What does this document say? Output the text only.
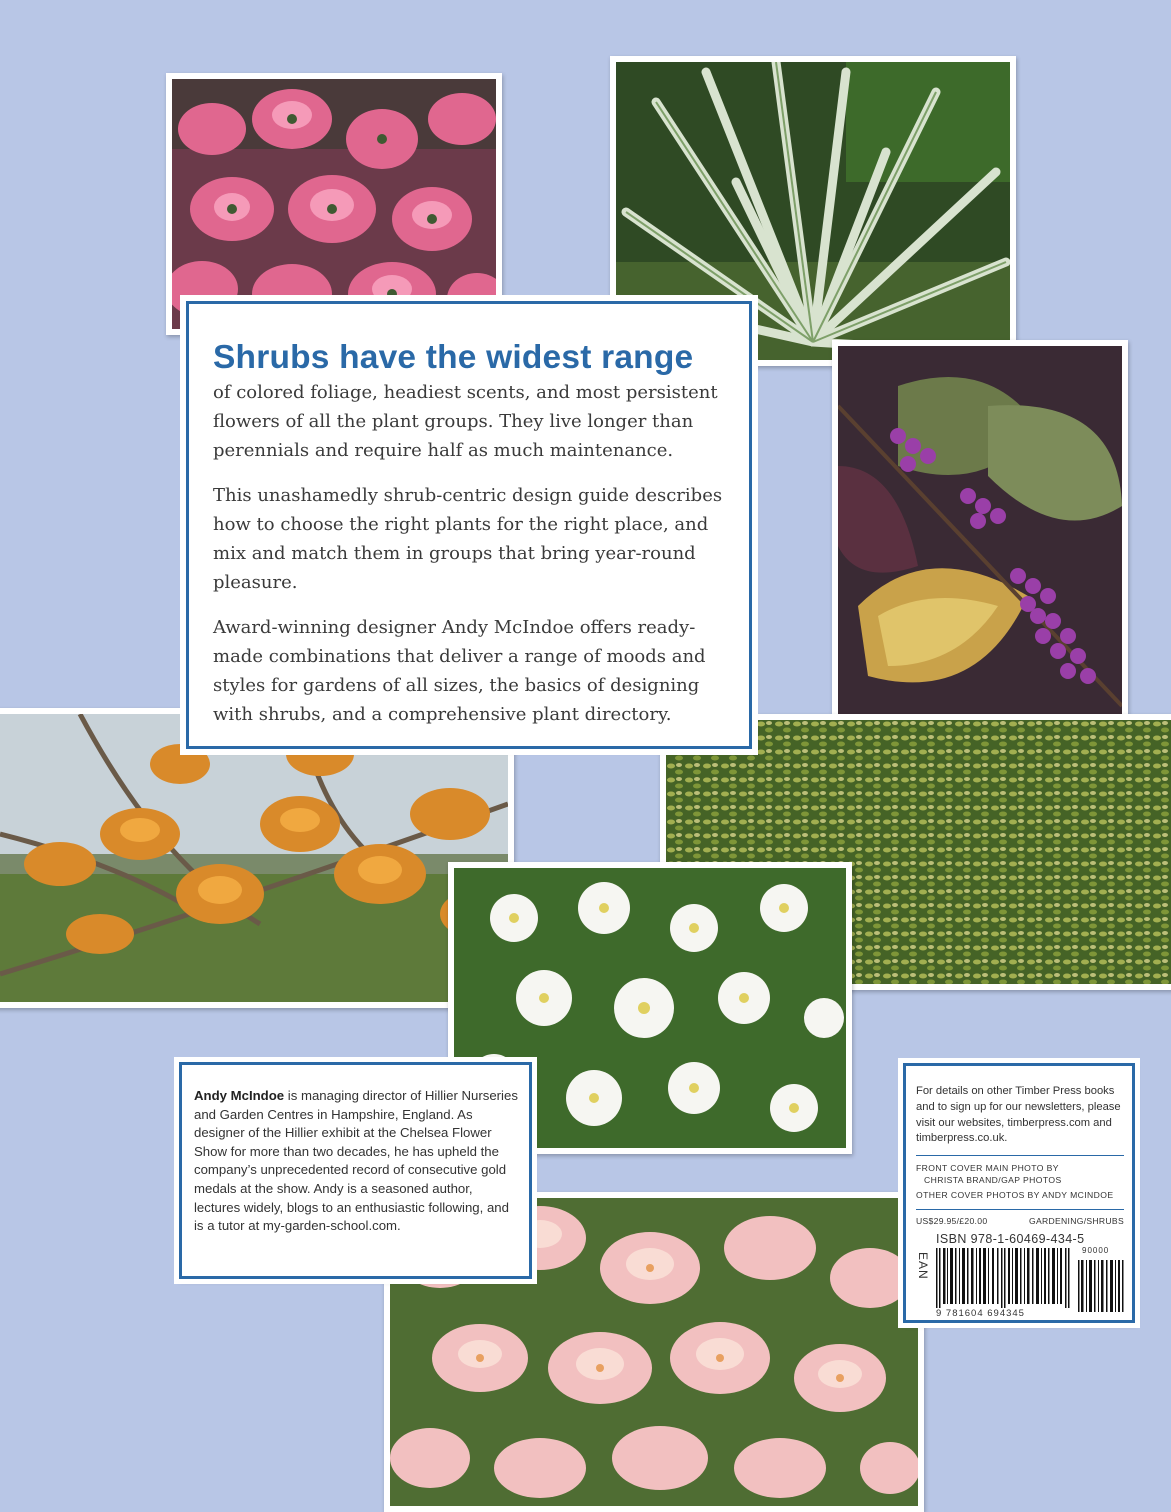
Shrubs have the widest range

of colored foliage, headiest scents, and most persistent flowers of all the plant groups. They live longer than perennials and require half as much maintenance.

This unashamedly shrub-centric design guide describes how to choose the right plants for the right place, and mix and match them in groups that bring year-round pleasure.

Award-winning designer Andy McIndoe offers ready-made combinations that deliver a range of moods and styles for gardens of all sizes, the basics of designing with shrubs, and a comprehensive plant directory.

Andy McIndoe is managing director of Hillier Nurseries and Garden Centres in Hampshire, England. As designer of the Hillier exhibit at the Chelsea Flower Show for more than two decades, he has upheld the company’s unprecedented record of consecutive gold medals at the show. Andy is a seasoned author, lectures widely, blogs to an enthusiastic following, and is a tutor at my-garden-school.com.

For details on other Timber Press books and to sign up for our newsletters, please visit our websites, timberpress.com and timberpress.co.uk.

FRONT COVER MAIN PHOTO BY

CHRISTA BRAND/GAP PHOTOS

OTHER COVER PHOTOS BY ANDY MCINDOE

US$29.95/£20.00	GARDENING/SHRUBS
ISBN 978-1-60469-434-5
EAN
90000
9 781604 694345
